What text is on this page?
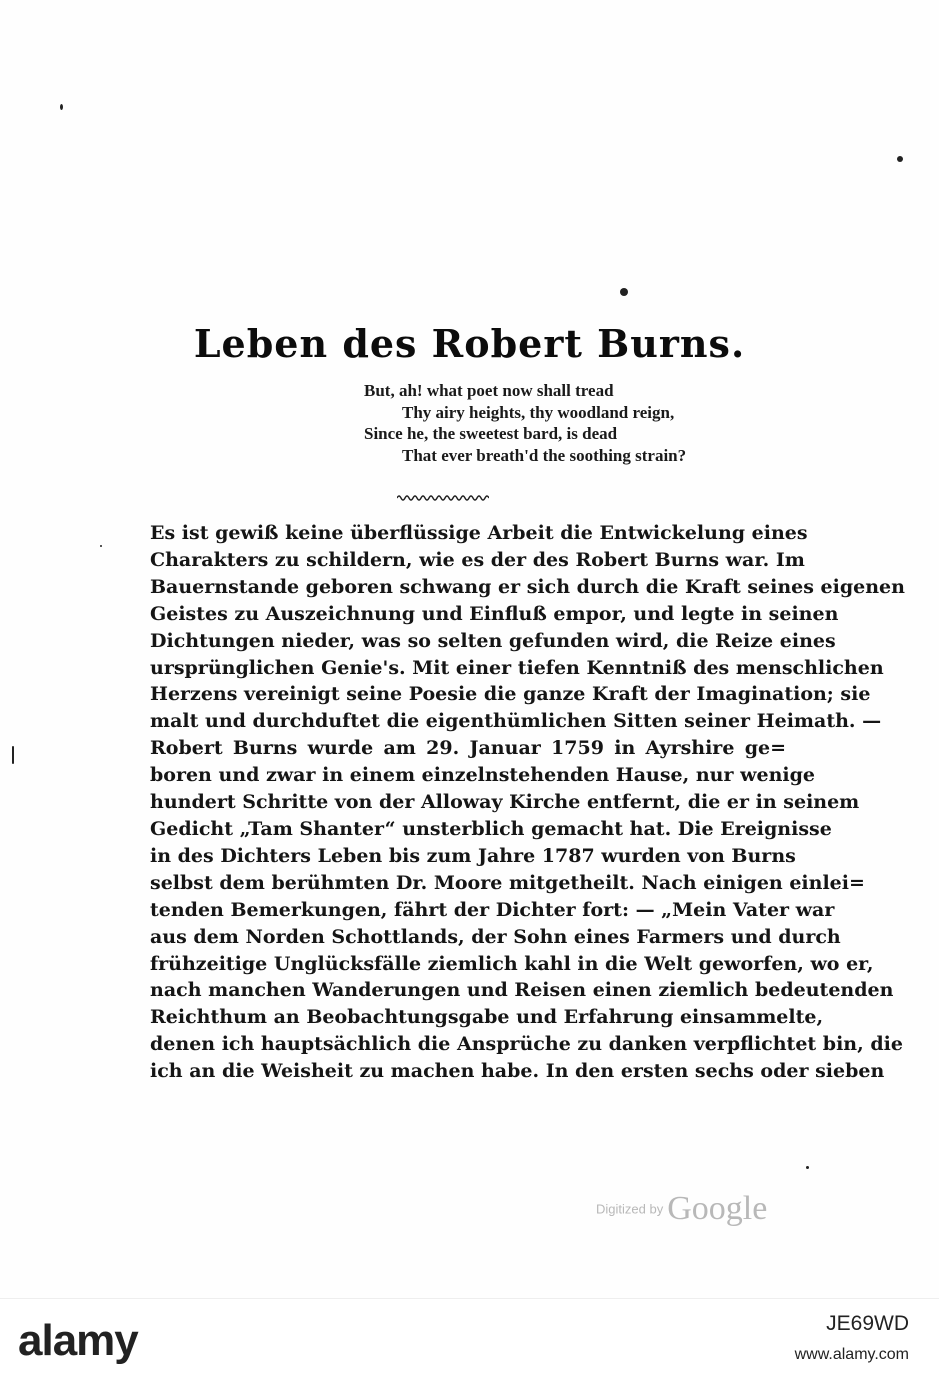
Leben des Robert Burns.
But, ah! what poet now shall tread
Thy airy heights, thy woodland reign,
Since he, the sweetest bard, is dead
That ever breath'd the soothing strain?
Es ist gewiß keine überflüssige Arbeit die Entwickelung eines
Charakters zu schildern, wie es der des Robert Burns war. Im
Bauernstande geboren schwang er sich durch die Kraft seines eigenen
Geistes zu Auszeichnung und Einfluß empor, und legte in seinen
Dichtungen nieder, was so selten gefunden wird, die Reize eines
ursprünglichen Genie's. Mit einer tiefen Kenntniß des menschlichen
Herzens vereinigt seine Poesie die ganze Kraft der Imagination; sie
malt und durchduftet die eigenthümlichen Sitten seiner Heimath. —
Robert Burns wurde am 29. Januar 1759 in Ayrshire ge=
boren und zwar in einem einzelnstehenden Hause, nur wenige
hundert Schritte von der Alloway Kirche entfernt, die er in seinem
Gedicht „Tam Shanter“ unsterblich gemacht hat. Die Ereignisse
in des Dichters Leben bis zum Jahre 1787 wurden von Burns
selbst dem berühmten Dr. Moore mitgetheilt. Nach einigen einlei=
tenden Bemerkungen, fährt der Dichter fort: — „Mein Vater war
aus dem Norden Schottlands, der Sohn eines Farmers und durch
frühzeitige Unglücksfälle ziemlich kahl in die Welt geworfen, wo er,
nach manchen Wanderungen und Reisen einen ziemlich bedeutenden
Reichthum an Beobachtungsgabe und Erfahrung einsammelte,
denen ich hauptsächlich die Ansprüche zu danken verpflichtet bin, die
ich an die Weisheit zu machen habe. In den ersten sechs oder sieben
Digitized by Google
alamy	JE69WD
www.alamy.com
